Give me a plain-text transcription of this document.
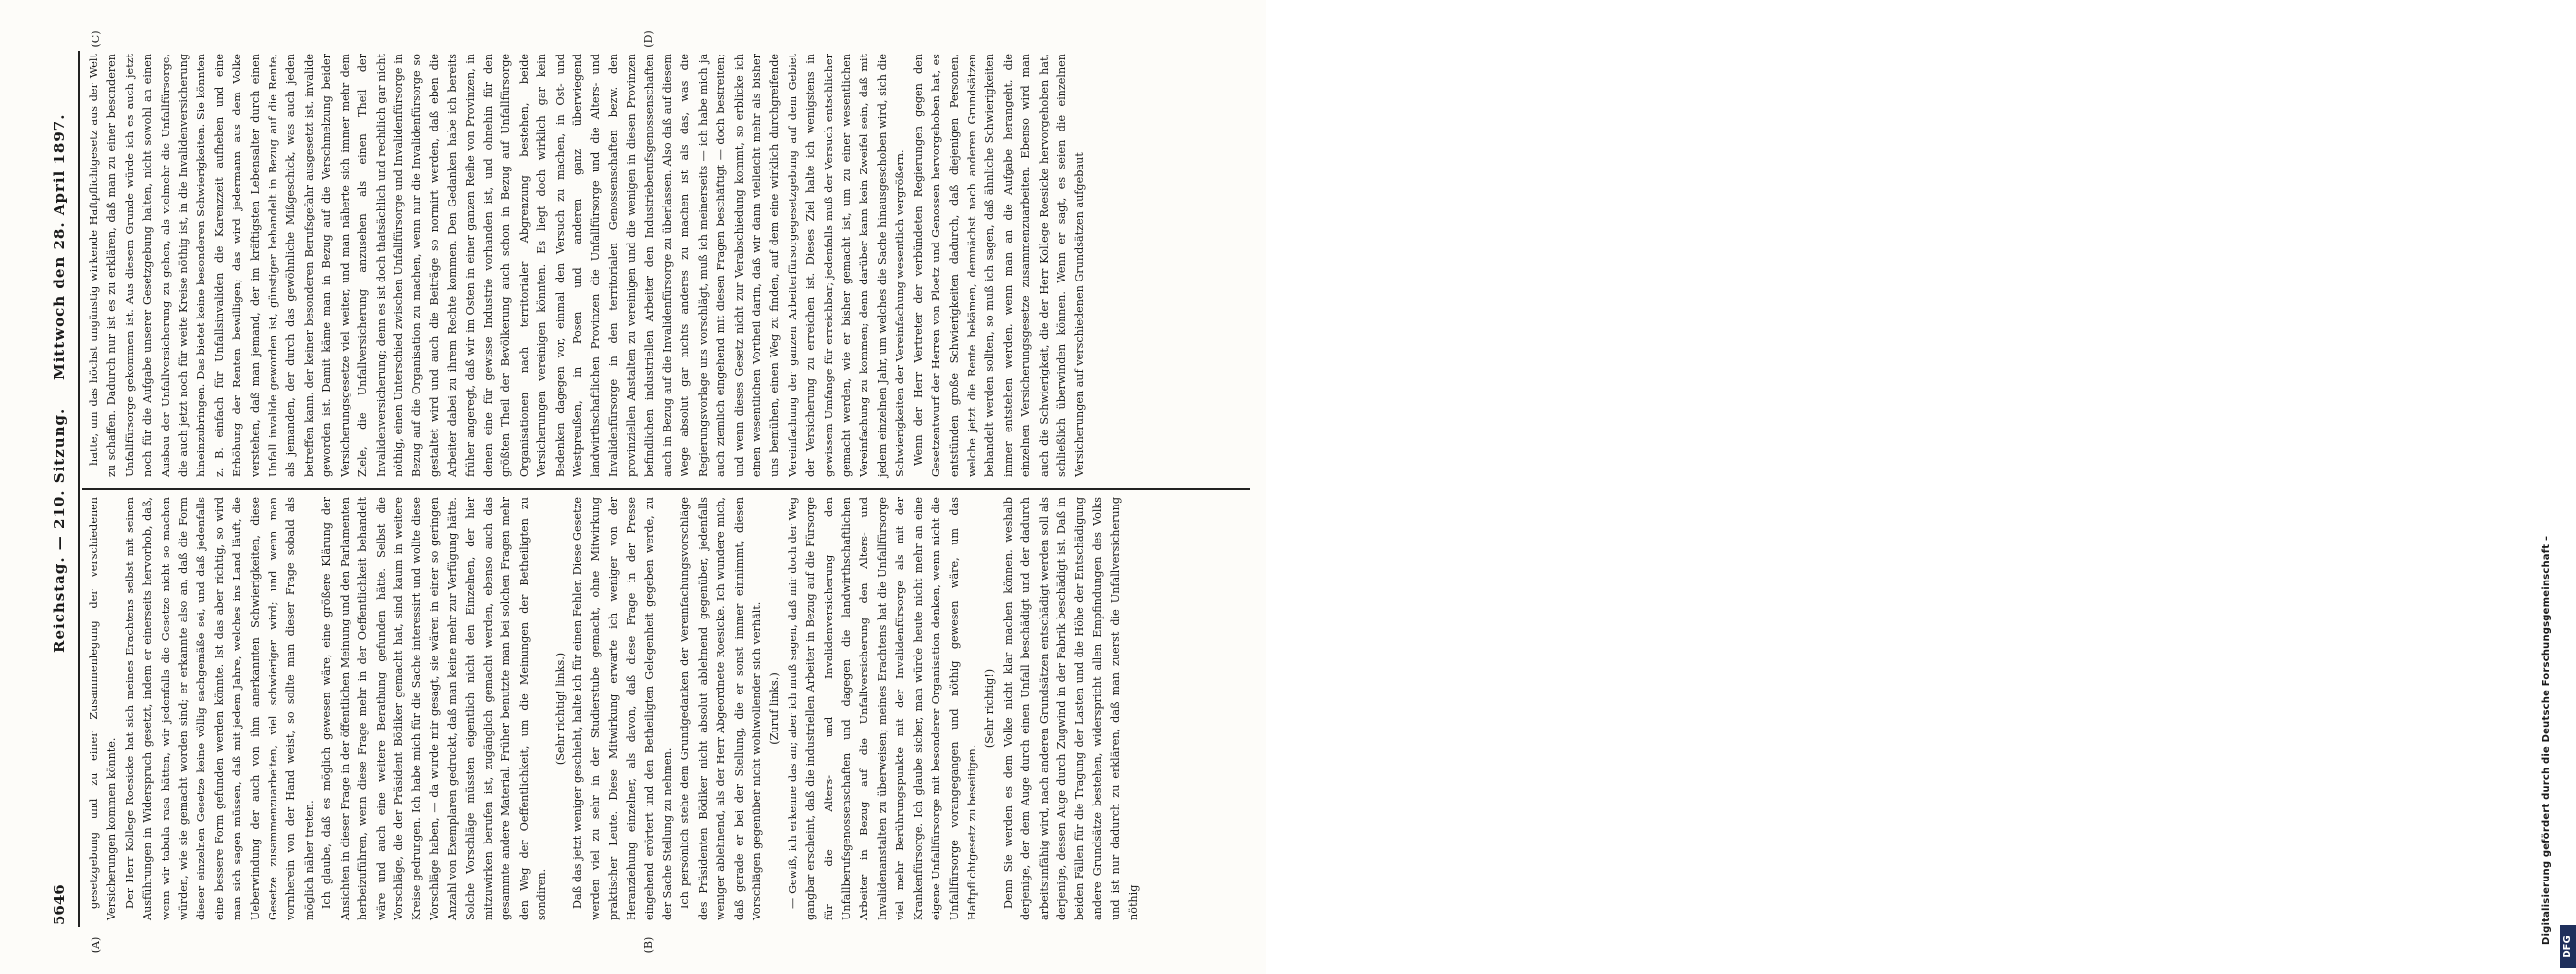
5646
Reichstag. — 210. Sitzung.
Mittwoch den 28. April 1897.
(A)	(B)
(C)	(D)

gesetzgebung und zu einer Zusammenlegung der verschiedenen Versicherungen kommen könnte. Der Herr Kollege Roesicke hat sich meines Erachtens selbst mit seinen Ausführungen in Widerspruch gesetzt, indem er einerseits hervorhob, daß, wenn wir tabula rasa hätten, wir jedenfalls die Gesetze nicht so machen würden, wie sie gemacht worden sind; er erkannte also an, daß die Form dieser einzelnen Gesetze keine völlig sachgemäße sei, und daß jedenfalls eine bessere Form gefunden werden könnte. Ist das aber richtig, so wird man sich sagen müssen, daß mit jedem Jahre, welches ins Land läuft, die Ueberwindung der auch von ihm anerkannten Schwierigkeiten, diese Gesetze zusammenzuarbeiten, viel schwieriger wird; und wenn man vornherein von der Hand weist, so sollte man dieser Frage sobald als möglich näher treten. Ich glaube, daß es möglich gewesen wäre, eine größere Klärung der Ansichten in dieser Frage in der öffentlichen Meinung und den Parlamenten herbeizuführen, wenn diese Frage mehr in der Oeffentlichkeit behandelt wäre und auch eine weitere Berathung gefunden hätte. Selbst die Vorschläge, die der Präsident Bödiker gemacht hat, sind kaum in weitere Kreise gedrungen. Ich habe mich für die Sache interessirt und wollte diese Vorschläge haben, — da wurde mir gesagt, sie wären in einer so geringen Anzahl von Exemplaren gedruckt, daß man keine mehr zur Verfügung hätte. Solche Vorschläge müssten eigentlich nicht den Einzelnen, der hier mitzuwirken berufen ist, zugänglich gemacht werden, ebenso auch das gesammte andere Material. Früher benutzte man bei solchen Fragen mehr den Weg der Oeffentlichkeit, um die Meinungen der Betheiligten zu sondiren.

(Sehr richtig! links.) Daß das jetzt weniger geschieht, halte ich für einen Fehler. Diese Gesetze werden viel zu sehr in der Studierstube gemacht, ohne Mitwirkung praktischer Leute. Diese Mitwirkung erwarte ich weniger von der Heranziehung einzelner, als davon, daß diese Frage in der Presse eingehend erörtert und den Betheiligten Gelegenheit gegeben werde, zu der Sache Stellung zu nehmen. Ich persönlich stehe dem Grundgedanken der Vereinfachungsvorschläge des Präsidenten Bödiker nicht absolut ablehnend gegenüber, jedenfalls weniger ablehnend, als der Herr Abgeordnete Roesicke. Ich wundere mich, daß gerade er bei der Stellung, die er sonst immer einnimmt, diesen Vorschlägen gegenüber nicht wohlwollender sich verhält. (Zuruf links.) — Gewiß, ich erkenne das an; aber ich muß sagen, daß mir doch der Weg gangbar erscheint, daß die industriellen Arbeiter in Bezug auf die Fürsorge für die Alters- und Invalidenversicherung den Unfallberufsgenossenschaften und dagegen die landwirthschaftlichen Arbeiter in Bezug auf die Unfallversicherung den Alters- und Invalidenanstalten zu überweisen; meines Erachtens hat die Unfallfürsorge viel mehr Berührungspunkte mit der Invalidenfürsorge als mit der Krankenfürsorge. Ich glaube sicher, man würde heute nicht mehr an eine eigene Unfallfürsorge mit besonderer Organisation denken, wenn nicht die Unfallfürsorge vorangegangen und nöthig gewesen wäre, um das Haftpflichtgesetz zu beseitigen.

(Sehr richtig!) Denn Sie werden es dem Volke nicht klar machen können, weshalb derjenige, der dem Auge durch einen Unfall beschädigt und der dadurch arbeitsunfähig wird, nach anderen Grundsätzen entschädigt werden soll als derjenige, dessen Auge durch Zugwind in der Fabrik beschädigt ist. Daß in beiden Fällen für die Tragung der Lasten und die Höhe der Entschädigung andere Grundsätze bestehen, widerspricht allen Empfindungen des Volks und ist nur dadurch zu erklären, daß man zuerst die Unfallversicherung nöthig

hatte, um das höchst ungünstig wirkende Haftpflichtgesetz aus der Welt zu schaffen. Dadurch nur ist es zu erklären, daß man zu einer besonderen Unfallfürsorge gekommen ist. Aus diesem Grunde würde ich es auch jetzt noch für die Aufgabe unserer Gesetzgebung halten, nicht sowohl an einen Ausbau der Unfallversicherung zu gehen, als vielmehr die Unfallfürsorge, die auch jetzt noch für weite Kreise nöthig ist, in die Invalidenversicherung hineinzubringen. Das bietet keine besonderen Schwierigkeiten. Sie könnten z. B. einfach für Unfallsinvaliden die Karenzzeit aufheben und eine Erhöhung der Renten bewilligen; das wird jedermann aus dem Volke verstehen, daß man jemand, der im kräftigsten Lebensalter durch einen Unfall invalide geworden ist, günstiger behandelt in Bezug auf die Rente, als jemanden, der durch das gewöhnliche Mißgeschick, was auch jeden betreffen kann, der keiner besonderen Berufsgefahr ausgesetzt ist, invalide geworden ist. Damit käme man in Bezug auf die Verschmelzung beider Versicherungsgesetze viel weiter, und man näherte sich immer mehr dem Ziele, die Unfallversicherung anzusehen als einen Theil der Invalidenversicherung; denn es ist doch thatsächlich und rechtlich gar nicht nöthig, einen Unterschied zwischen Unfallfürsorge und Invalidenfürsorge in Bezug auf die Organisation zu machen, wenn nur die Invalidenfürsorge so gestaltet wird und auch die Beiträge so normirt werden, daß eben die Arbeiter dabei zu ihrem Rechte kommen. Den Gedanken habe ich bereits früher angeregt, daß wir im Osten in einer ganzen Reihe von Provinzen, in denen eine für gewisse Industrie vorhanden ist, und ohnehin für den größten Theil der Bevölkerung auch schon in Bezug auf Unfallfürsorge Organisationen nach territorialer Abgrenzung bestehen, beide Versicherungen vereinigen könnten. Es liegt doch wirklich gar kein Bedenken dagegen vor, einmal den Versuch zu machen, in Ost- und Westpreußen, in Posen und anderen ganz überwiegend landwirthschaftlichen Provinzen die Unfallfürsorge und die Alters- und Invalidenfürsorge in den territorialen Genossenschaften bezw. den provinziellen Anstalten zu vereinigen und die wenigen in diesen Provinzen befindlichen industriellen Arbeiter den Industrieberufsgenossenschaften auch in Bezug auf die Invalidenfürsorge zu überlassen. Also daß auf diesem Wege absolut gar nichts anderes zu machen ist als das, was die Regierungsvorlage uns vorschlägt, muß ich meinerseits — ich habe mich ja auch ziemlich eingehend mit diesen Fragen beschäftigt — doch bestreiten; und wenn dieses Gesetz nicht zur Verabschiedung kommt, so erblicke ich einen wesentlichen Vortheil darin, daß wir dann vielleicht mehr als bisher uns bemühen, einen Weg zu finden, auf dem eine wirklich durchgreifende Vereinfachung der ganzen Arbeiterfürsorgegesetzgebung auf dem Gebiet der Versicherung zu erreichen ist. Dieses Ziel halte ich wenigstens in gewissem Umfange für erreichbar; jedenfalls muß der Versuch entschlicher gemacht werden, wie er bisher gemacht ist, um zu einer wesentlichen Vereinfachung zu kommen; denn darüber kann kein Zweifel sein, daß mit jedem einzelnen Jahr, um welches die Sache hinausgeschoben wird, sich die Schwierigkeiten der Vereinfachung wesentlich vergrößern. Wenn der Herr Vertreter der verbündeten Regierungen gegen den Gesetzentwurf der Herren von Ploetz und Genossen hervorgehoben hat, es entstünden große Schwierigkeiten dadurch, daß diejenigen Personen, welche jetzt die Rente bekämen, demnächst nach anderen Grundsätzen behandelt werden sollten, so muß ich sagen, daß ähnliche Schwierigkeiten immer entstehen werden, wenn man an die Aufgabe herangeht, die einzelnen Versicherungsgesetze zusammenzuarbeiten. Ebenso wird man auch die Schwierigkeit, die der Herr Kollege Roesicke hervorgehoben hat, schließlich überwinden können. Wenn er sagt, es seien die einzelnen Versicherungen auf verschiedenen Grundsätzen aufgebaut

Digitalisierung gefördert durch die Deutsche Forschungsgemeinschaft –
DFG
